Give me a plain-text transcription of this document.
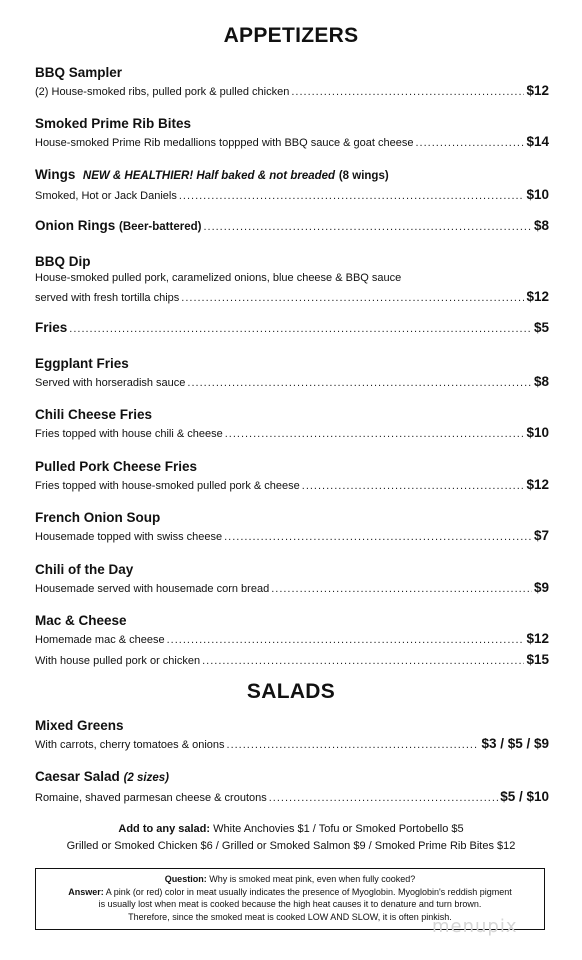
APPETIZERS
BBQ Sampler
(2) House-smoked ribs, pulled pork & pulled chicken .....	$12
Smoked Prime Rib Bites
House-smoked Prime Rib medallions toppped with BBQ sauce & goat cheese .....	$14
Wings NEW & HEALTHIER! Half baked & not breaded (8 wings)
Smoked, Hot or Jack Daniels .....	$10
Onion Rings (Beer-battered) .....	$8
BBQ Dip
House-smoked pulled pork, caramelized onions, blue cheese & BBQ sauce
served with fresh tortilla chips .....	$12
Fries .....	$5
Eggplant Fries
Served with horseradish sauce .....	$8
Chili Cheese Fries
Fries topped with house chili & cheese .....	$10
Pulled Pork Cheese Fries
Fries topped with house-smoked pulled pork & cheese .....	$12
French Onion Soup
Housemade topped with swiss cheese .....	$7
Chili of the Day
Housemade served with housemade corn bread .....	$9
Mac & Cheese
Homemade mac & cheese .....	$12
With house pulled pork or chicken .....	$15
SALADS
Mixed Greens
With carrots, cherry tomatoes & onions .....	$3 / $5 / $9
Caesar Salad (2 sizes)
Romaine, shaved parmesan cheese & croutons .....	$5 / $10
Add to any salad: White Anchovies $1 / Tofu or Smoked Portobello $5
Grilled or Smoked Chicken $6 / Grilled or Smoked Salmon $9 / Smoked Prime Rib Bites $12
Question: Why is smoked meat pink, even when fully cooked?
Answer: A pink (or red) color in meat usually indicates the presence of Myoglobin. Myoglobin's reddish pigment
is usually lost when meat is cooked because the high heat causes it to denature and turn brown.
Therefore, since the smoked meat is cooked LOW AND SLOW, it is often pinkish.
menupix
